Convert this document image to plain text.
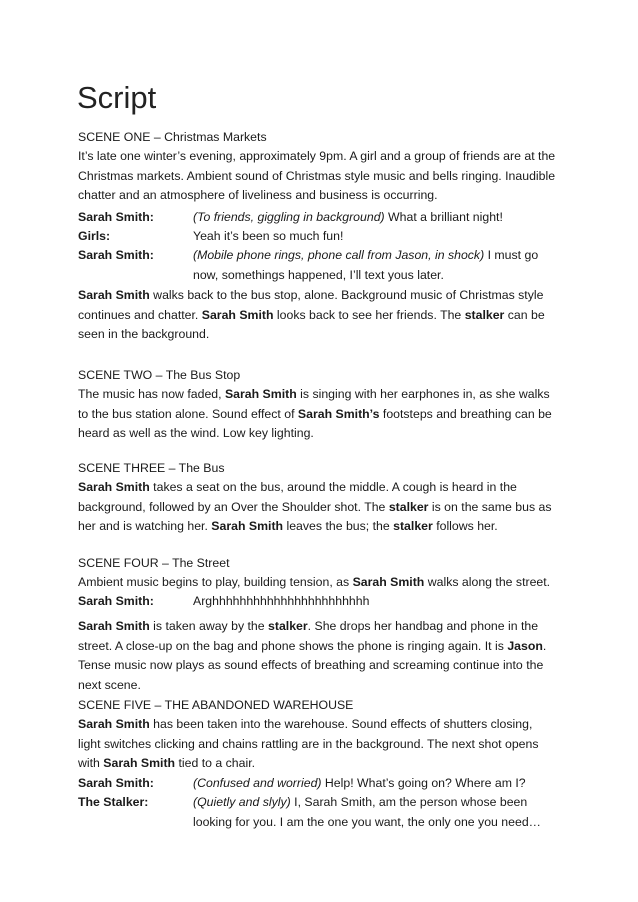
Script

SCENE ONE – Christmas Markets

It’s late one winter’s evening, approximately 9pm. A girl and a group of friends are at the Christmas markets. Ambient sound of Christmas style music and bells ringing. Inaudible chatter and an atmosphere of liveliness and business is occurring.

Sarah Smith:	(To friends, giggling in background) What a brilliant night!
Girls:	Yeah it’s been so much fun!
Sarah Smith:	(Mobile phone rings, phone call from Jason, in shock) I must go now, somethings happened, I’ll text yous later.

Sarah Smith walks back to the bus stop, alone. Background music of Christmas style continues and chatter. Sarah Smith looks back to see her friends. The stalker can be seen in the background.

SCENE TWO – The Bus Stop

The music has now faded, Sarah Smith is singing with her earphones in, as she walks to the bus station alone. Sound effect of Sarah Smith’s footsteps and breathing can be heard as well as the wind. Low key lighting.

SCENE THREE – The Bus

Sarah Smith takes a seat on the bus, around the middle. A cough is heard in the background, followed by an Over the Shoulder shot. The stalker is on the same bus as her and is watching her. Sarah Smith leaves the bus; the stalker follows her.

SCENE FOUR – The Street

Ambient music begins to play, building tension, as Sarah Smith walks along the street.

Sarah Smith:	Arghhhhhhhhhhhhhhhhhhhhhhh

Sarah Smith is taken away by the stalker. She drops her handbag and phone in the street. A close-up on the bag and phone shows the phone is ringing again. It is Jason. Tense music now plays as sound effects of breathing and screaming continue into the next scene.

SCENE FIVE – THE ABANDONED WAREHOUSE

Sarah Smith has been taken into the warehouse. Sound effects of shutters closing, light switches clicking and chains rattling are in the background. The next shot opens with Sarah Smith tied to a chair.

Sarah Smith:	(Confused and worried) Help! What’s going on? Where am I?
The Stalker:	(Quietly and slyly) I, Sarah Smith, am the person whose been looking for you. I am the one you want, the only one you need…
